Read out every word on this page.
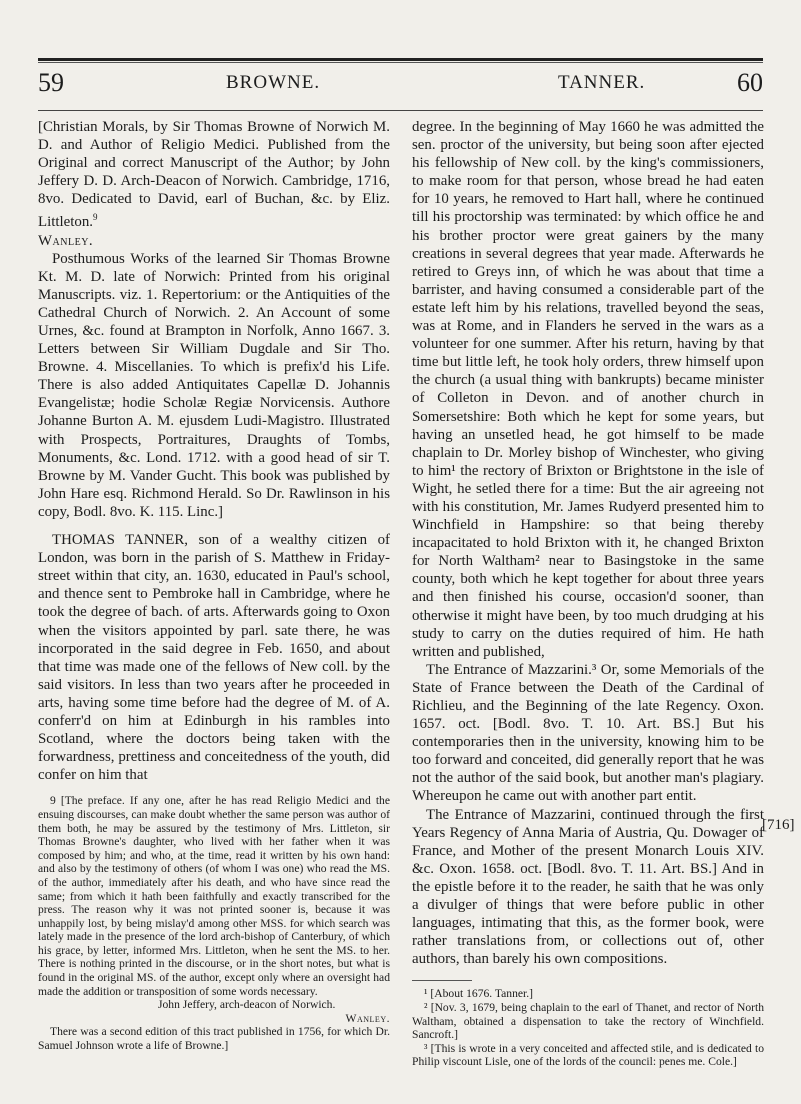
59	BROWNE.	TANNER.	60

[Christian Morals, by Sir Thomas Browne of Norwich M. D. and Author of Religio Medici. Published from the Original and correct Manuscript of the Author; by John Jeffery D. D. Arch-Deacon of Norwich. Cambridge, 1716, 8vo. Dedicated to David, earl of Buchan, &c. by Eliz. Littleton.$^9$

Wanley.

Posthumous Works of the learned Sir Thomas Browne Kt. M. D. late of Norwich: Printed from his original Manuscripts. viz. 1. Repertorium: or the Antiquities of the Cathedral Church of Norwich. 2. An Account of some Urnes, &c. found at Brampton in Norfolk, Anno 1667. 3. Letters between Sir William Dugdale and Sir Tho. Browne. 4. Miscellanies. To which is prefix'd his Life. There is also added Antiquitates Capellæ D. Johannis Evangelistæ; hodie Scholæ Regiæ Norvicensis. Authore Johanne Burton A. M. ejusdem Ludi-Magistro. Illustrated with Prospects, Portraitures, Draughts of Tombs, Monuments, &c. Lond. 1712. with a good head of sir T. Browne by M. Vander Gucht. This book was published by John Hare esq. Richmond Herald. So Dr. Rawlinson in his copy, Bodl. 8vo. K. 115. Linc.]

THOMAS TANNER, son of a wealthy citizen of London, was born in the parish of S. Matthew in Friday-street within that city, an. 1630, educated in Paul's school, and thence sent to Pembroke hall in Cambridge, where he took the degree of bach. of arts. Afterwards going to Oxon when the visitors appointed by parl. sate there, he was incorporated in the said degree in Feb. 1650, and about that time was made one of the fellows of New coll. by the said visitors. In less than two years after he proceeded in arts, having some time before had the degree of M. of A. conferr'd on him at Edinburgh in his rambles into Scotland, where the doctors being taken with the forwardness, prettiness and conceitedness of the youth, did confer on him that

9 [The preface. If any one, after he has read Religio Medici and the ensuing discourses, can make doubt whether the same person was author of them both, he may be assured by the testimony of Mrs. Littleton, sir Thomas Browne's daughter, who lived with her father when it was composed by him; and who, at the time, read it written by his own hand: and also by the testimony of others (of whom I was one) who read the MS. of the author, immediately after his death, and who have since read the same; from which it hath been faithfully and exactly transcribed for the press. The reason why it was not printed sooner is, because it was unhappily lost, by being mislay'd among other MSS. for which search was lately made in the presence of the lord arch-bishop of Canterbury, of which his grace, by letter, informed Mrs. Littleton, when he sent the MS. to her. There is nothing printed in the discourse, or in the short notes, but what is found in the original MS. of the author, except only where an oversight had made the addition or transposition of some words necessary.

John Jeffery, arch-deacon of Norwich.

Wanley.

There was a second edition of this tract published in 1756, for which Dr. Samuel Johnson wrote a life of Browne.]

degree. In the beginning of May 1660 he was admitted the sen. proctor of the university, but being soon after ejected his fellowship of New coll. by the king's commissioners, to make room for that person, whose bread he had eaten for 10 years, he removed to Hart hall, where he continued till his proctorship was terminated: by which office he and his brother proctor were great gainers by the many creations in several degrees that year made. Afterwards he retired to Greys inn, of which he was about that time a barrister, and having consumed a considerable part of the estate left him by his relations, travelled beyond the seas, was at Rome, and in Flanders he served in the wars as a volunteer for one summer. After his return, having by that time but little left, he took holy orders, threw himself upon the church (a usual thing with bankrupts) became minister of Colleton in Devon. and of another church in Somersetshire: Both which he kept for some years, but having an unsetled head, he got himself to be made chaplain to Dr. Morley bishop of Winchester, who giving to him¹ the rectory of Brixton or Brightstone in the isle of Wight, he setled there for a time: But the air agreeing not with his constitution, Mr. James Rudyerd presented him to Winchfield in Hampshire: so that being thereby incapacitated to hold Brixton with it, he changed Brixton for North Waltham² near to Basingstoke in the same county, both which he kept together for about three years and then finished his course, occasion'd sooner, than otherwise it might have been, by too much drudging at his study to carry on the duties required of him. He hath written and published,

The Entrance of Mazzarini.³ Or, some Memorials of the State of France between the Death of the Cardinal of Richlieu, and the Beginning of the late Regency. Oxon. 1657. oct. [Bodl. 8vo. T. 10. Art. BS.] But his contemporaries then in the university, knowing him to be too forward and conceited, did generally report that he was not the author of the said book, but another man's plagiary. Whereupon he came out with another part entit.

The Entrance of Mazzarini, continued through the first Years Regency of Anna Maria of Austria, Qu. Dowager of France, and Mother of the present Monarch Louis XIV. &c. Oxon. 1658. oct. [Bodl. 8vo. T. 11. Art. BS.] And in the epistle before it to the reader, he saith that he was only a divulger of things that were before public in other languages, intimating that this, as the former book, were rather translations from, or collections out of, other authors, than barely his own compositions.

¹ [About 1676. Tanner.]

² [Nov. 3, 1679, being chaplain to the earl of Thanet, and rector of North Waltham, obtained a dispensation to take the rectory of Winchfield. Sancroft.]

³ [This is wrote in a very conceited and affected stile, and is dedicated to Philip viscount Lisle, one of the lords of the council: penes me. Cole.]

[716]
